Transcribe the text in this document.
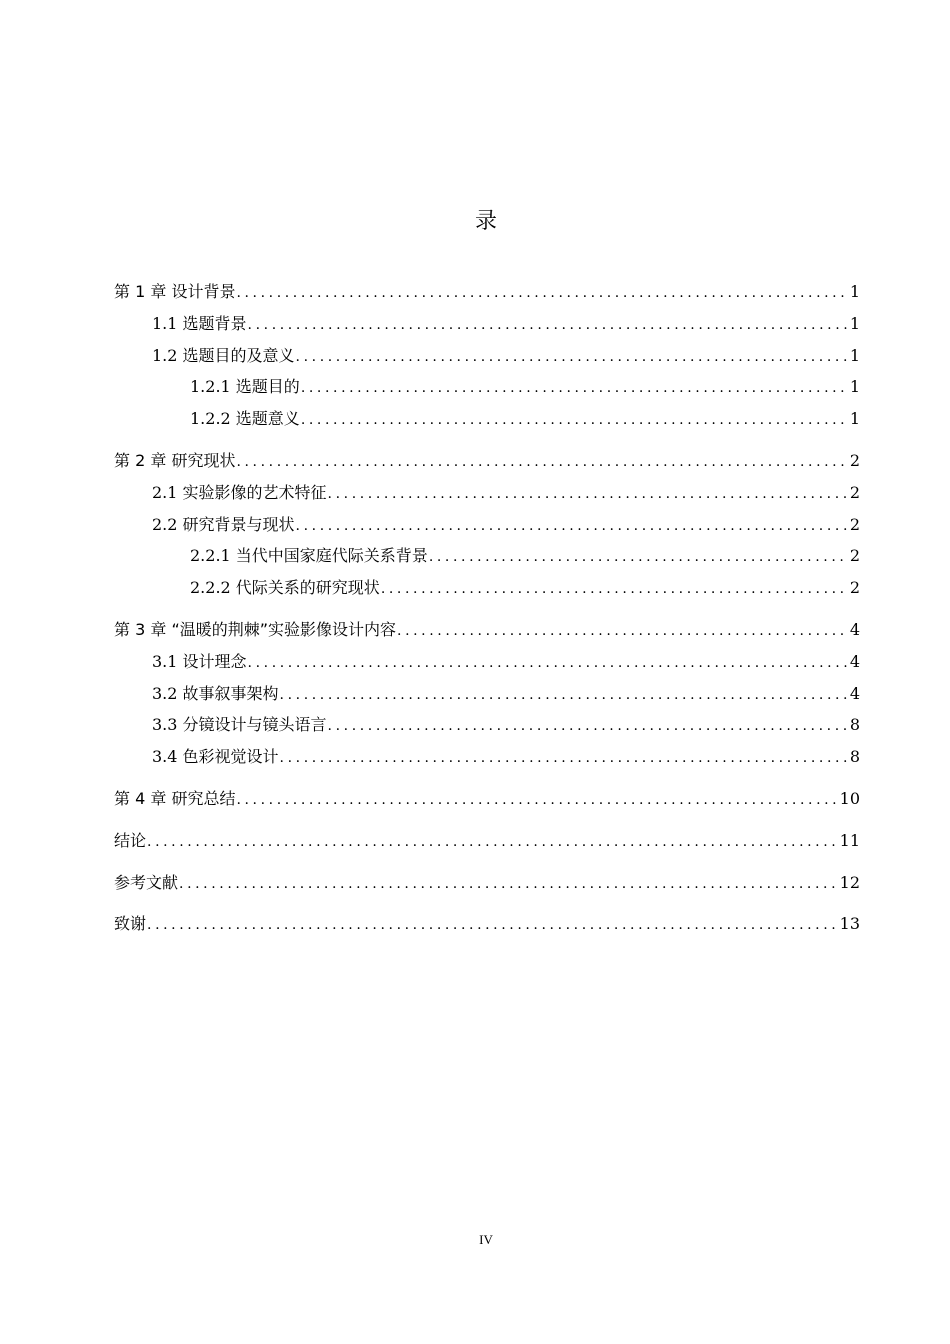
录
第 1 章 设计背景 .....	1
1.1 选题背景 .....	1
1.2 选题目的及意义 .....	1
1.2.1 选题目的 .....	1
1.2.2 选题意义 .....	1
第 2 章 研究现状 .....	2
2.1 实验影像的艺术特征 .....	2
2.2 研究背景与现状 .....	2
2.2.1 当代中国家庭代际关系背景 .....	2
2.2.2 代际关系的研究现状 .....	2
第 3 章 “温暖的荆棘”实验影像设计内容 .....	4
3.1 设计理念 .....	4
3.2 故事叙事架构 .....	4
3.3 分镜设计与镜头语言 .....	8
3.4 色彩视觉设计 .....	8
第 4 章 研究总结 .....	10
结论 .....	11
参考文献 .....	12
致谢 .....	13
IV
